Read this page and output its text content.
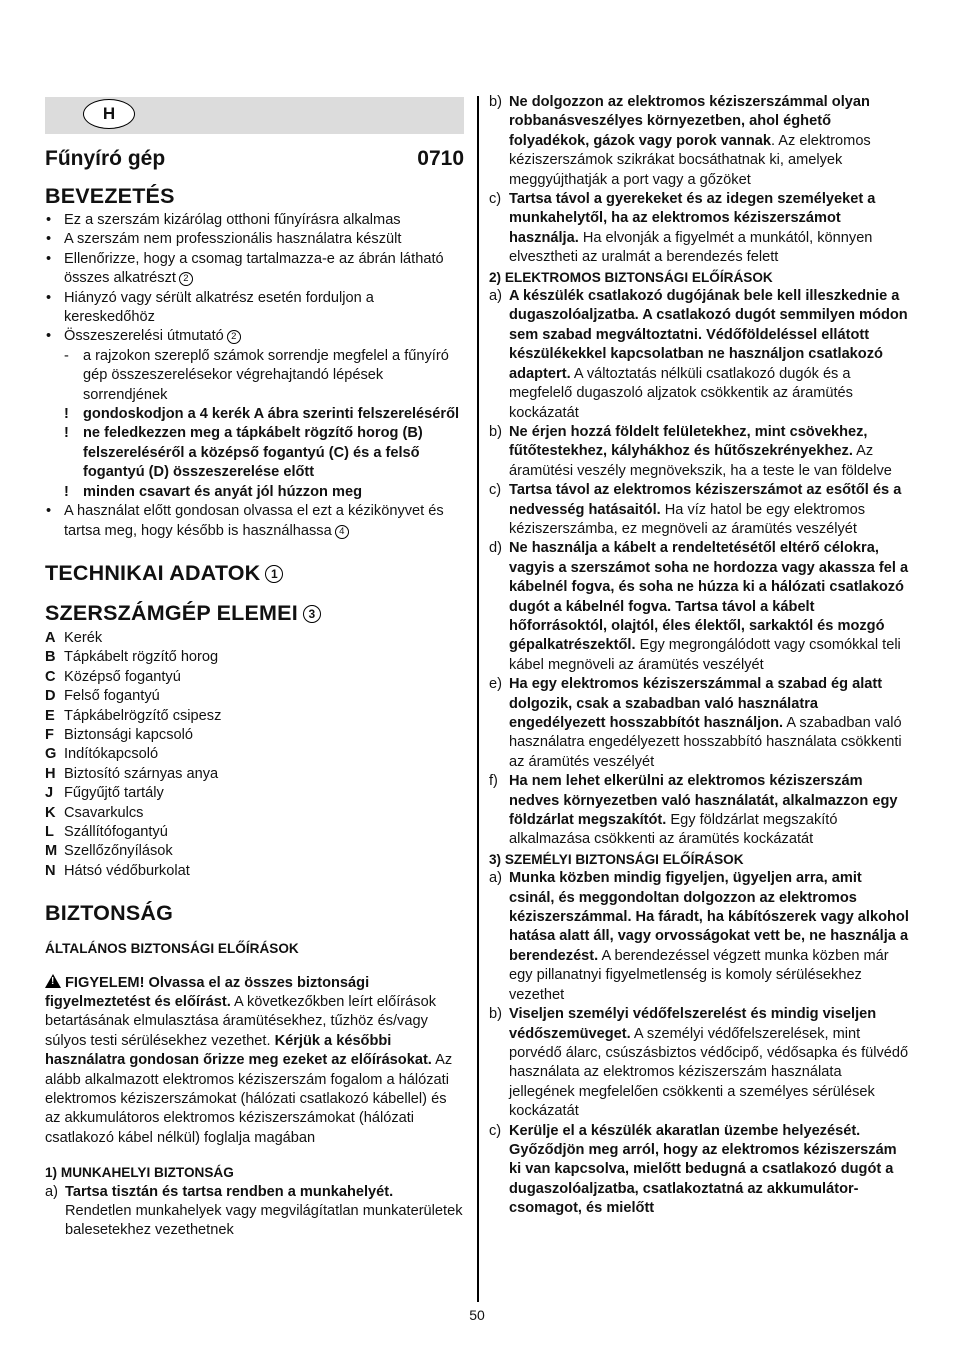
H
Fűnyíró gép	0710
BEVEZETÉS
• Ez a szerszám kizárólag otthoni fűnyírásra alkalmas
• A szerszám nem professzionális használatra készült
• Ellenőrizze, hogy a csomag tartalmazza-e az ábrán látható összes alkatrészt 2
• Hiányzó vagy sérült alkatrész esetén forduljon a kereskedőhöz
• Összeszerelési útmutató 2
- a rajzokon szereplő számok sorrendje megfelel a fűnyíró gép összeszerelésekor végrehajtandó lépések sorrendjének
! gondoskodjon a 4 kerék A ábra szerinti felszereléséről
! ne feledkezzen meg a tápkábelt rögzítő horog (B) felszereléséről a középső fogantyú (C) és a felső fogantyú (D) összeszerelése előtt
! minden csavart és anyát jól húzzon meg
• A használat előtt gondosan olvassa el ezt a kézikönyvet és tartsa meg, hogy később is használhassa 4
TECHNIKAI ADATOK 1
SZERSZÁMGÉP ELEMEI 3
A Kerék
B Tápkábelt rögzítő horog
C Középső fogantyú
D Felső fogantyú
E Tápkábelrögzítő csipesz
F Biztonsági kapcsoló
G Indítókapcsoló
H Biztosító szárnyas anya
J Fűgyűjtő tartály
K Csavarkulcs
L Szállítófogantyú
M Szellőzőnyílások
N Hátsó védőburkolat
BIZTONSÁG
ÁLTALÁNOS BIZTONSÁGI ELŐÍRÁSOK
!FIGYELEM! Olvassa el az összes biztonsági figyelmeztetést és előírást. A következőkben leírt előírások betartásának elmulasztása áramütésekhez, tűzhöz és/vagy súlyos testi sérülésekhez vezethet. Kérjük a későbbi használatra gondosan őrizze meg ezeket az előírásokat. Az alább alkalmazott elektromos kéziszerszám fogalom a hálózati elektromos kéziszerszámokat (hálózati csatlakozó kábellel) és az akkumulátoros elektromos kéziszerszámokat (hálózati csatlakozó kábel nélkül) foglalja magában
1) MUNKAHELYI BIZTONSÁG
a) Tartsa tisztán és tartsa rendben a munkahelyét.
Rendetlen munkahelyek vagy megvilágítatlan munkaterületek balesetekhez vezethetnek
b) Ne dolgozzon az elektromos kéziszerszámmal olyan robbanásveszélyes környezetben, ahol éghető folyadékok, gázok vagy porok vannak. Az elektromos kéziszerszámok szikrákat bocsáthatnak ki, amelyek meggyújthatják a port vagy a gőzöket
c) Tartsa távol a gyerekeket és az idegen személyeket a munkahelytől, ha az elektromos kéziszerszámot használja. Ha elvonják a figyelmét a munkától, könnyen elvesztheti az uralmát a berendezés felett
2) ELEKTROMOS BIZTONSÁGI ELŐÍRÁSOK
a) A készülék csatlakozó dugójának bele kell illeszkednie a dugaszolóaljzatba. A csatlakozó dugót semmilyen módon sem szabad megváltoztatni. Védőföldeléssel ellátott készülékekkel kapcsolatban ne használjon csatlakozó adaptert. A változtatás nélküli csatlakozó dugók és a megfelelő dugaszoló aljzatok csökkentik az áramütés kockázatát
b) Ne érjen hozzá földelt felületekhez, mint csövekhez, fűtőtestekhez, kályhákhoz és hűtőszekrényekhez. Az áramütési veszély megnövekszik, ha a teste le van földelve
c) Tartsa távol az elektromos kéziszerszámot az esőtől és a nedvesség hatásaitól. Ha víz hatol be egy elektromos kéziszerszámba, ez megnöveli az áramütés veszélyét
d) Ne használja a kábelt a rendeltetésétől eltérő célokra, vagyis a szerszámot soha ne hordozza vagy akassza fel a kábelnél fogva, és soha ne húzza ki a hálózati csatlakozó dugót a kábelnél fogva. Tartsa távol a kábelt hőforrásoktól, olajtól, éles élektől, sarkaktól és mozgó gépalkatrészektől. Egy megrongálódott vagy csomókkal teli kábel megnöveli az áramütés veszélyét
e) Ha egy elektromos kéziszerszámmal a szabad ég alatt dolgozik, csak a szabadban való használatra engedélyezett hosszabbítót használjon. A szabadban való használatra engedélyezett hosszabbító használata csökkenti az áramütés veszélyét
f) Ha nem lehet elkerülni az elektromos kéziszerszám nedves környezetben való használatát, alkalmazzon egy földzárlat megszakítót. Egy földzárlat megszakító alkalmazása csökkenti az áramütés kockázatát
3) SZEMÉLYI BIZTONSÁGI ELŐÍRÁSOK
a) Munka közben mindig figyeljen, ügyeljen arra, amit csinál, és meggondoltan dolgozzon az elektromos kéziszerszámmal. Ha fáradt, ha kábítószerek vagy alkohol hatása alatt áll, vagy orvosságokat vett be, ne használja a berendezést. A berendezéssel végzett munka közben már egy pillanatnyi figyelmetlenség is komoly sérülésekhez vezethet
b) Viseljen személyi védőfelszerelést és mindig viseljen védőszemüveget. A személyi védőfelszerelések, mint porvédő álarc, csúszásbiztos védőcipő, védősapka és fülvédő használata az elektromos kéziszerszám használata jellegének megfelelően csökkenti a személyes sérülések kockázatát
c) Kerülje el a készülék akaratlan üzembe helyezését. Győződjön meg arról, hogy az elektromos kéziszerszám ki van kapcsolva, mielőtt bedugná a csatlakozó dugót a dugaszolóaljzatba, csatlakoztatná az akkumulátor-csomagot, és mielőtt
50
